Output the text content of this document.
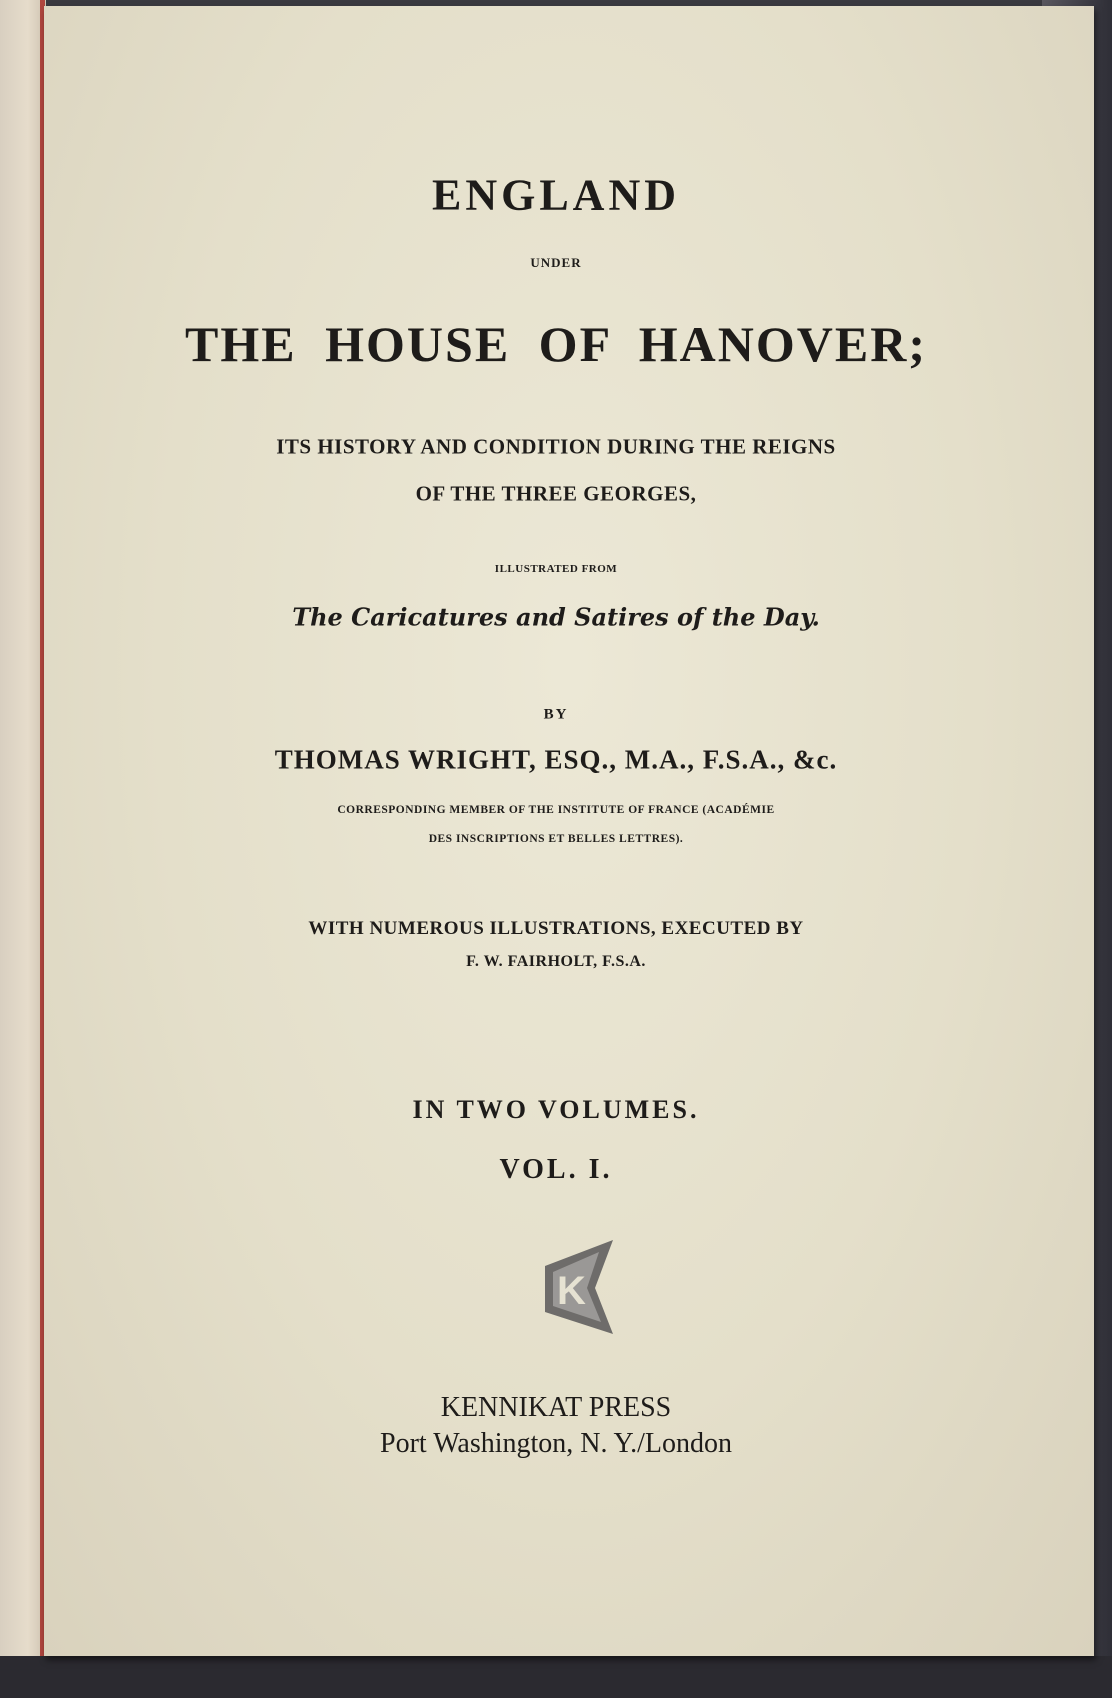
ENGLAND
UNDER
THE HOUSE OF HANOVER;
ITS HISTORY AND CONDITION DURING THE REIGNS
OF THE THREE GEORGES,
ILLUSTRATED FROM
The Caricatures and Satires of the Day.
BY
THOMAS WRIGHT, ESQ., M.A., F.S.A., &c.
CORRESPONDING MEMBER OF THE INSTITUTE OF FRANCE (ACADÉMIE
DES INSCRIPTIONS ET BELLES LETTRES).
WITH NUMEROUS ILLUSTRATIONS, EXECUTED BY
F. W. FAIRHOLT, F.S.A.
IN TWO VOLUMES.
VOL. I.
K
KENNIKAT PRESS
Port Washington, N. Y./London
